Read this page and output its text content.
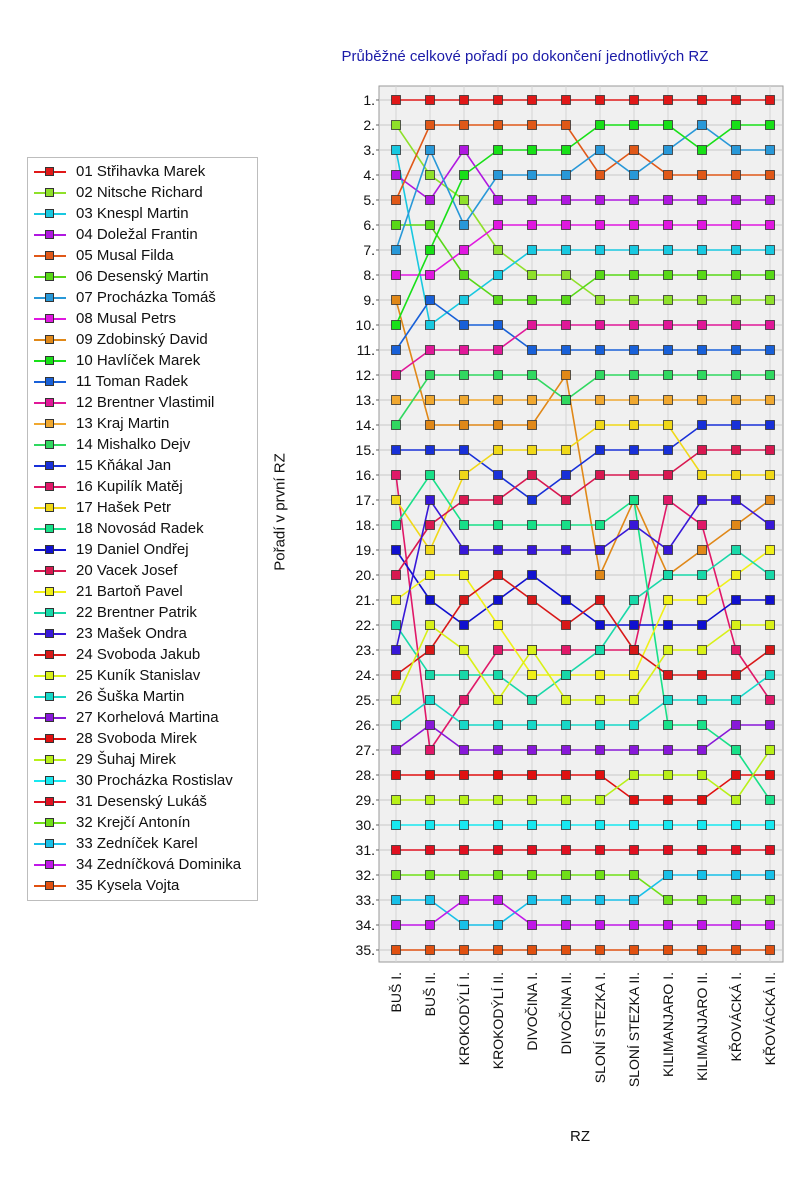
Průběžné celkové pořadí po dokončení jednotlivých RZ
01 Střihavka Marek
02 Nitsche Richard
03 Knespl Martin
04 Doležal Frantin
05 Musal Filda
06 Desenský Martin
07 Procházka Tomáš
08 Musal Petrs
09 Zdobinský David
10 Havlíček Marek
11 Toman Radek
12 Brentner Vlastimil
13 Kraj Martin
14 Mishalko Dejv
15 Kňákal Jan
16 Kupilík Matěj
17 Hašek Petr
18 Novosád Radek
19 Daniel Ondřej
20 Vacek Josef
21 Bartoň Pavel
22 Brentner Patrik
23 Mašek Ondra
24 Svoboda Jakub
25 Kuník Stanislav
26 Šuška Martin
27 Korhelová Martina
28 Svoboda Mirek
29 Šuhaj Mirek
30 Procházka Rostislav
31 Desenský Lukáš
32 Krejčí Antonín
33 Zedníček Karel
34 Zedníčková Dominika
35 Kysela Vojta
1.
2.
3.
4.
5.
6.
7.
8.
9.
10.
11.
12.
13.
14.
15.
16.
17.
18.
19.
20.
21.
22.
23.
24.
25.
26.
27.
28.
29.
30.
31.
32.
33.
34.
35.
BUŠ I. BUŠ II. KROKODÝLÍ I. KROKODÝLÍ II. DIVOČINA I. DIVOČINA II. SLONÍ STEZKA I. SLONÍ STEZKA II. KILIMANJARO I. KILIMANJARO II. KŘOVÁCKÁ I. KŘOVÁCKÁ II.
Pořadí v první RZ
RZ
